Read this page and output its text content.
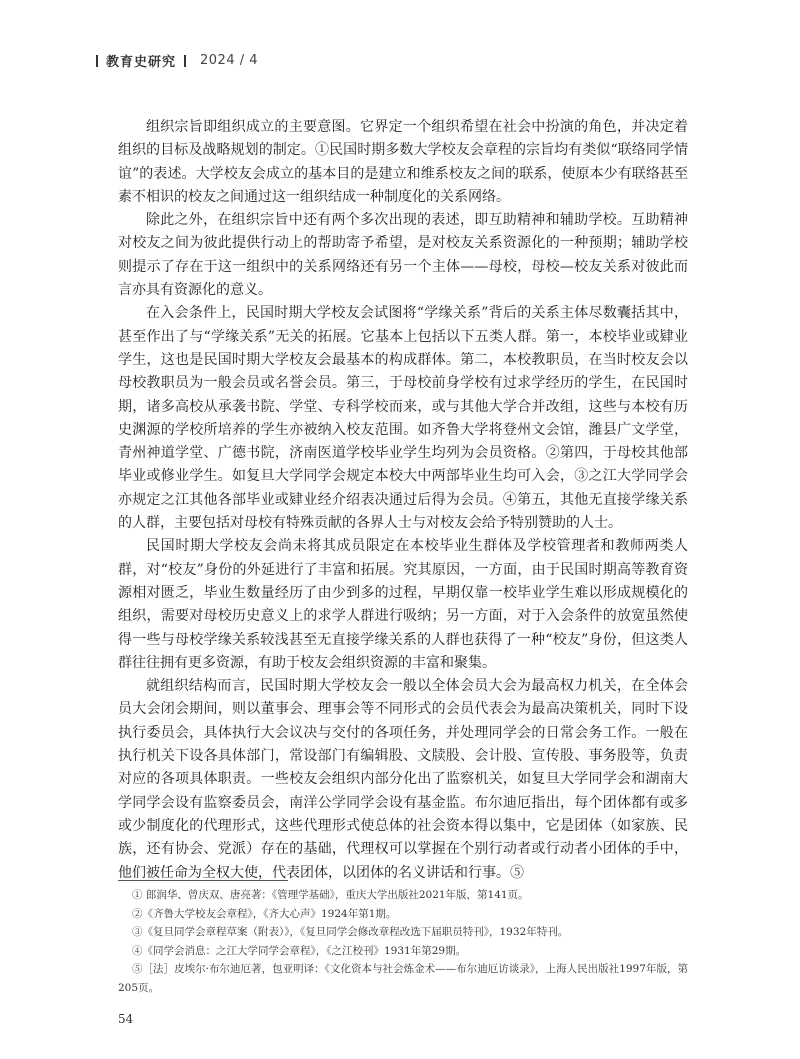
教育史研究 2024 / 4

组织宗旨即组织成立的主要意图。它界定一个组织希望在社会中扮演的角色，并决定着组织的目标及战略规划的制定。①民国时期多数大学校友会章程的宗旨均有类似“联络同学情谊”的表述。大学校友会成立的基本目的是建立和维系校友之间的联系，使原本少有联络甚至素不相识的校友之间通过这一组织结成一种制度化的关系网络。

除此之外，在组织宗旨中还有两个多次出现的表述，即互助精神和辅助学校。互助精神对校友之间为彼此提供行动上的帮助寄予希望，是对校友关系资源化的一种预期；辅助学校则提示了存在于这一组织中的关系网络还有另一个主体——母校，母校—校友关系对彼此而言亦具有资源化的意义。

在入会条件上，民国时期大学校友会试图将“学缘关系”背后的关系主体尽数囊括其中，甚至作出了与“学缘关系”无关的拓展。它基本上包括以下五类人群。第一，本校毕业或肄业学生，这也是民国时期大学校友会最基本的构成群体。第二，本校教职员，在当时校友会以母校教职员为一般会员或名誉会员。第三，于母校前身学校有过求学经历的学生，在民国时期，诸多高校从承袭书院、学堂、专科学校而来，或与其他大学合并改组，这些与本校有历史渊源的学校所培养的学生亦被纳入校友范围。如齐鲁大学将登州文会馆，潍县广文学堂，青州神道学堂、广德书院，济南医道学校毕业学生均列为会员资格。②第四，于母校其他部毕业或修业学生。如复旦大学同学会规定本校大中两部毕业生均可入会，③之江大学同学会亦规定之江其他各部毕业或肄业经介绍表决通过后得为会员。④第五，其他无直接学缘关系的人群，主要包括对母校有特殊贡献的各界人士与对校友会给予特别赞助的人士。

民国时期大学校友会尚未将其成员限定在本校毕业生群体及学校管理者和教师两类人群，对“校友”身份的外延进行了丰富和拓展。究其原因，一方面，由于民国时期高等教育资源相对匮乏，毕业生数量经历了由少到多的过程，早期仅靠一校毕业学生难以形成规模化的组织，需要对母校历史意义上的求学人群进行吸纳；另一方面，对于入会条件的放宽虽然使得一些与母校学缘关系较浅甚至无直接学缘关系的人群也获得了一种“校友”身份，但这类人群往往拥有更多资源，有助于校友会组织资源的丰富和聚集。

就组织结构而言，民国时期大学校友会一般以全体会员大会为最高权力机关，在全体会员大会闭会期间，则以董事会、理事会等不同形式的会员代表会为最高决策机关，同时下设执行委员会，具体执行大会议决与交付的各项任务，并处理同学会的日常会务工作。一般在执行机关下设各具体部门，常设部门有编辑股、文牍股、会计股、宣传股、事务股等，负责对应的各项具体职责。一些校友会组织内部分化出了监察机关，如复旦大学同学会和湖南大学同学会设有监察委员会，南洋公学同学会设有基金监。布尔迪厄指出，每个团体都有或多或少制度化的代理形式，这些代理形式使总体的社会资本得以集中，它是团体（如家族、民族，还有协会、党派）存在的基础，代理权可以掌握在个别行动者或行动者小团体的手中，他们被任命为全权大使，代表团体，以团体的名义讲话和行事。⑤

① 郎润华、曾庆双、唐亮著：《管理学基础》，重庆大学出版社2021年版，第141页。

②《齐鲁大学校友会章程》，《齐大心声》1924年第1期。

③《复旦同学会章程草案（附表）》，《复旦同学会修改章程改选下届职员特刊》，1932年特刊。

④《同学会消息：之江大学同学会章程》，《之江校刊》1931年第29期。

⑤［法］皮埃尔·布尔迪厄著，包亚明译：《文化资本与社会炼金术——布尔迪厄访谈录》，上海人民出版社1997年版，第205页。

54
